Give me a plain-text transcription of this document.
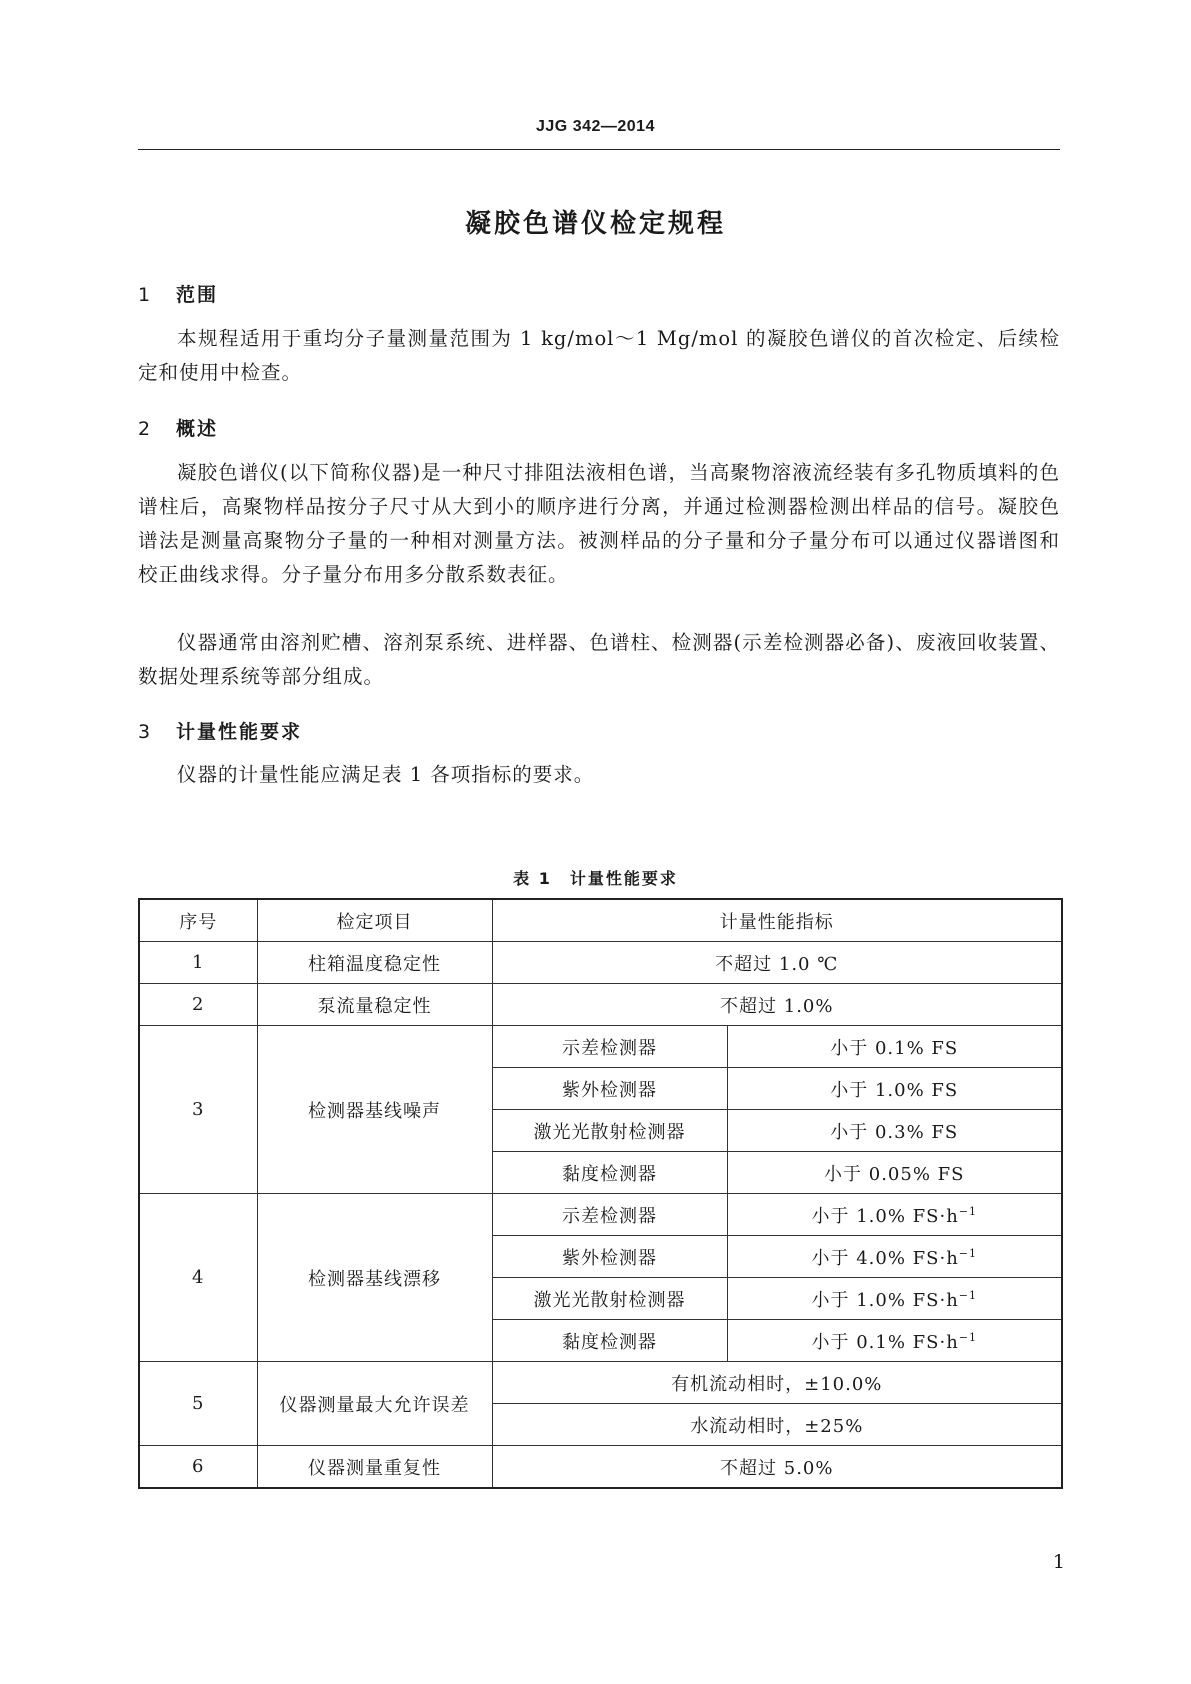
JJG 342—2014
凝胶色谱仪检定规程
1 范围

本规程适用于重均分子量测量范围为 1 kg/mol～1 Mg/mol 的凝胶色谱仪的首次检定、后续检定和使用中检查。

2 概述

凝胶色谱仪(以下简称仪器)是一种尺寸排阻法液相色谱，当高聚物溶液流经装有多孔物质填料的色谱柱后，高聚物样品按分子尺寸从大到小的顺序进行分离，并通过检测器检测出样品的信号。凝胶色谱法是测量高聚物分子量的一种相对测量方法。被测样品的分子量和分子量分布可以通过仪器谱图和校正曲线求得。分子量分布用多分散系数表征。

仪器通常由溶剂贮槽、溶剂泵系统、进样器、色谱柱、检测器(示差检测器必备)、废液回收装置、数据处理系统等部分组成。

3 计量性能要求

仪器的计量性能应满足表 1 各项指标的要求。

表 1 计量性能要求
序号	检定项目	计量性能指标	
1	柱箱温度稳定性	不超过 1.0 ℃	
2	泵流量稳定性	不超过 1.0%	
3	检测器基线噪声	示差检测器	小于 0.1% FS
		紫外检测器	小于 1.0% FS
		激光光散射检测器	小于 0.3% FS
		黏度检测器	小于 0.05% FS
4	检测器基线漂移	示差检测器	小于 1.0% $FS\cdot h^{-1}$
		紫外检测器	小于 4.0% $FS\cdot h^{-1}$
		激光光散射检测器	小于 1.0% $FS\cdot h^{-1}$
		黏度检测器	小于 0.1% $FS\cdot h^{-1}$
5	仪器测量最大允许误差	有机流动相时，±10.0%	
		水流动相时，±25%	
6	仪器测量重复性	不超过 5.0%	
1
